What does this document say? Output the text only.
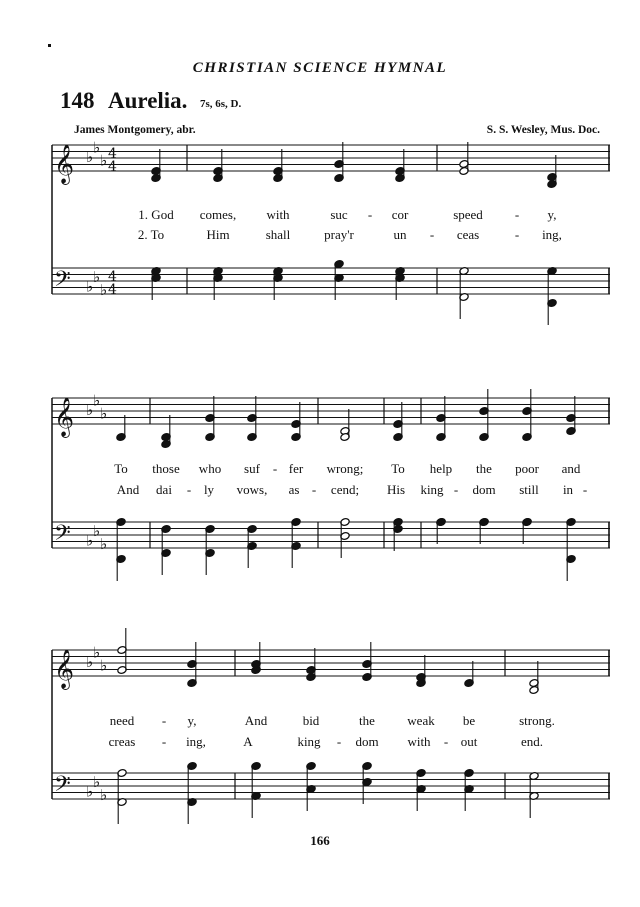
CHRISTIAN SCIENCE HYMNAL
148 Aurelia. 7s, 6s, D.
James Montgomery, abr.	S. S. Wesley, Mus. Doc.
𝄞
𝄢
♭
♭
♭
♭
♭
♭
4
4
4
4
𝄞
𝄢
♭
♭
♭
♭
♭
♭
𝄞
𝄢
♭
♭
♭
♭
♭
♭
1. God comes, with	suc - cor	speed - y,
2. To	Him	shall	pray'r	un - ceas	- ing,
To those who suf - fer wrong; To help the poor and
And dai - ly vows, as - cend; His king - dom still in -
need - y,	And	bid	the weak be	strong.
creas - ing,	A	king - dom with - out	end.
166
